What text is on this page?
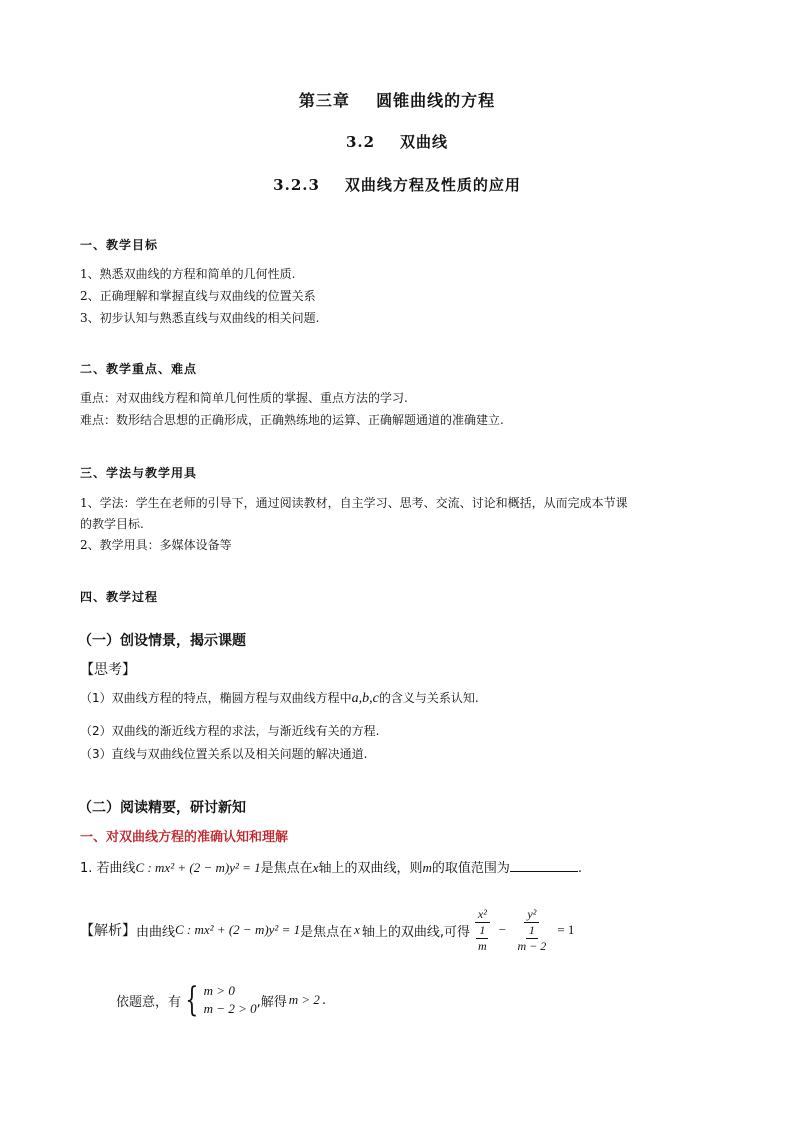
第三章    圆锥曲线的方程
3.2    双曲线
3.2.3    双曲线方程及性质的应用
一、教学目标
1、熟悉双曲线的方程和简单的几何性质.
2、正确理解和掌握直线与双曲线的位置关系
3、初步认知与熟悉直线与双曲线的相关问题.
二、教学重点、难点
重点：对双曲线方程和简单几何性质的掌握、重点方法的学习.
难点：数形结合思想的正确形成，正确熟练地的运算、正确解题通道的准确建立.
三、学法与教学用具
1、学法：学生在老师的引导下，通过阅读教材，自主学习、思考、交流、讨论和概括，从而完成本节课
的教学目标.
2、教学用具：多媒体设备等
四、教学过程
（一）创设情景，揭示课题
【思考】
（1）双曲线方程的特点，椭圆方程与双曲线方程中a,b,c的含义与关系认知.
（2）双曲线的渐近线方程的求法，与渐近线有关的方程.
（3）直线与双曲线位置关系以及相关问题的解决通道.
（二）阅读精要，研讨新知
一、对双曲线方程的准确认知和理解
1. 若曲线C : mx² + (2 − m)y² = 1是焦点在x轴上的双曲线，则m的取值范围为	.
【解析】 由曲线 C : mx² + (2 − m)y² = 1 是焦点在 x 轴上的双曲线,可得 $\frac{\text{x²}}{\frac{1}{m}} - \frac{\text{y²}}{\frac{1}{m - 2}} = 1$
依题意，有 { m > 0
m − 2 > 0 ,解得 m > 2 .
